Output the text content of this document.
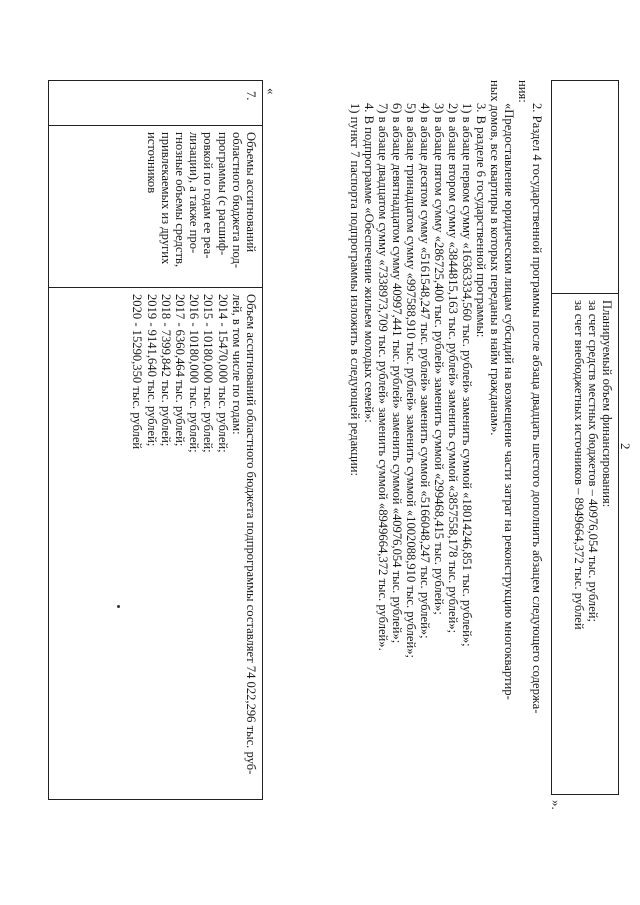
2

Планируемый объем финансирования:
за счет средств местных бюджетов – 40976,054 тыс. рублей;
за счет внебюджетных источников – 8949664,372 тыс. рублей
».
2. Раздел 4 государственной программы после абзаца двадцать шестого дополнить абзацем следующего содержа-
ния:
«Предоставление юридическим лицам субсидий на возмещение части затрат на реконструкцию многоквартир-
ных домов, все квартиры в которых переданы в найм гражданам».
3. В разделе 6 государственной программы:
1) в абзаце первом сумму «16363334,560 тыс. рублей» заменить суммой «18014246,851 тыс. рублей»;
2) в абзаце втором сумму «3844815,163 тыс. рублей» заменить суммой «3857558,178 тыс. рублей»;
3) в абзаце пятом сумму «286725,400 тыс. рублей» заменить суммой «299468,415 тыс. рублей»;
4) в абзаце десятом сумму «5161548,247 тыс. рублей» заменить суммой «5166048,247 тыс. рублей»;
5) в абзаце тринадцатом сумму «997588,910 тыс. рублей» заменить суммой «1002088,910 тыс. рублей»;
6) в абзаце девятнадцатом сумму 40997,441 тыс. рублей» заменить суммой «40976,054 тыс. рублей»;
7) в абзаце двадцатом сумму «7338973,709 тыс. рублей» заменить суммой «8949664,372 тыс. рублей».
4. В подпрограмме «Обеспечение жильем молодых семей»:
1) пункт 7 паспорта подпрограммы изложить в следующей редакции:
«
7.	
Объемы ассигнований
областного бюджета под-
программы (с расшиф-
ровкой по годам ее реа-
лизации), а также про-
гнозные объемы средств,
привлекаемых из других
источников

Объем ассигнований областного бюджета подпрограммы составляет 74 022,296 тыс. руб-
лей, в том числе по годам:
2014 - 15470,000 тыс. рублей;
2015 - 10180,000 тыс. рублей;
2016 - 10180,000 тыс. рублей;
2017 - 6360,464 тыс. рублей;
2018 - 7399,842 тыс. рублей;
2019 - 9141,640 тыс. рублей;
2020 - 15290,350 тыс. рублей
